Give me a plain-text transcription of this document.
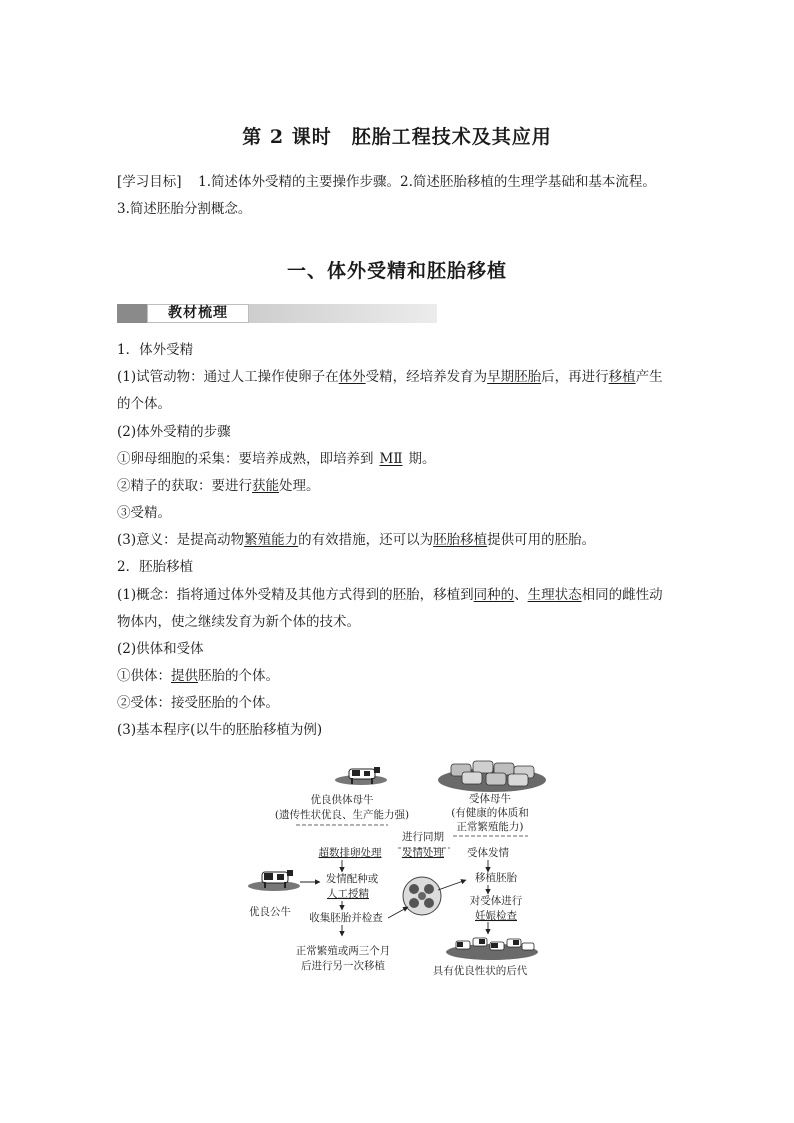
第 2 课时　胚胎工程技术及其应用
[学习目标] 1.简述体外受精的主要操作步骤。2.简述胚胎移植的生理学基础和基本流程。
3.简述胚胎分割概念。
一、体外受精和胚胎移植
教材梳理
1．体外受精
(1)试管动物：通过人工操作使卵子在体外受精，经培养发育为早期胚胎后，再进行移植产生
的个体。
(2)体外受精的步骤
①卵母细胞的采集：要培养成熟，即培养到 MⅡ 期。
②精子的获取：要进行获能处理。
③受精。
(3)意义：是提高动物繁殖能力的有效措施，还可以为胚胎移植提供可用的胚胎。
2．胚胎移植
(1)概念：指将通过体外受精及其他方式得到的胚胎，移植到同种的、生理状态相同的雌性动
物体内，使之继续发育为新个体的技术。
(2)供体和受体
①供体：提供胚胎的个体。
②受体：接受胚胎的个体。
(3)基本程序(以牛的胚胎移植为例)
优良供体母牛
(遗传性状优良、生产能力强)
受体母牛
(有健康的体质和
正常繁殖能力)
进行同期
发情处理
超数排卵处理	受体发情
发情配种或
人工授精
移植胚胎
对受体进行
妊娠检查
收集胚胎并检查
正常繁殖或两三个月
后进行另一次移植
优良公牛
具有优良性状的后代
